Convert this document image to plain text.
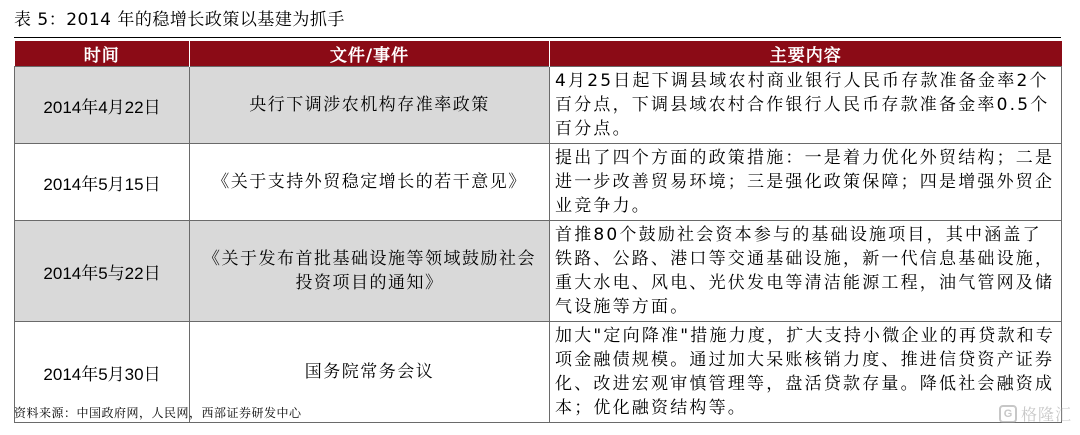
表 5：2014 年的稳增长政策以基建为抓手
时间	文件/事件	主要内容
2014年4月22日	央行下调涉农机构存准率政策	4月25日起下调县域农村商业银行人民币存款准备金率2个百分点，下调县域农村合作银行人民币存款准备金率0.5个百分点。
2014年5月15日	《关于支持外贸稳定增长的若干意见》	提出了四个方面的政策措施：一是着力优化外贸结构；二是进一步改善贸易环境；三是强化政策保障；四是增强外贸企业竞争力。
2014年5与22日	《关于发布首批基础设施等领域鼓励社会投资项目的通知》	首推80个鼓励社会资本参与的基础设施项目，其中涵盖了铁路、公路、港口等交通基础设施，新一代信息基础设施，重大水电、风电、光伏发电等清洁能源工程，油气管网及储气设施等方面。
2014年5月30日	国务院常务会议	加大"定向降准"措施力度，扩大支持小微企业的再贷款和专项金融债规模。通过加大呆账核销力度、推进信贷资产证券化、改进宏观审慎管理等，盘活贷款存量。降低社会融资成本；优化融资结构等。
资料来源：中国政府网，人民网，西部证券研发中心	G 格隆汇
